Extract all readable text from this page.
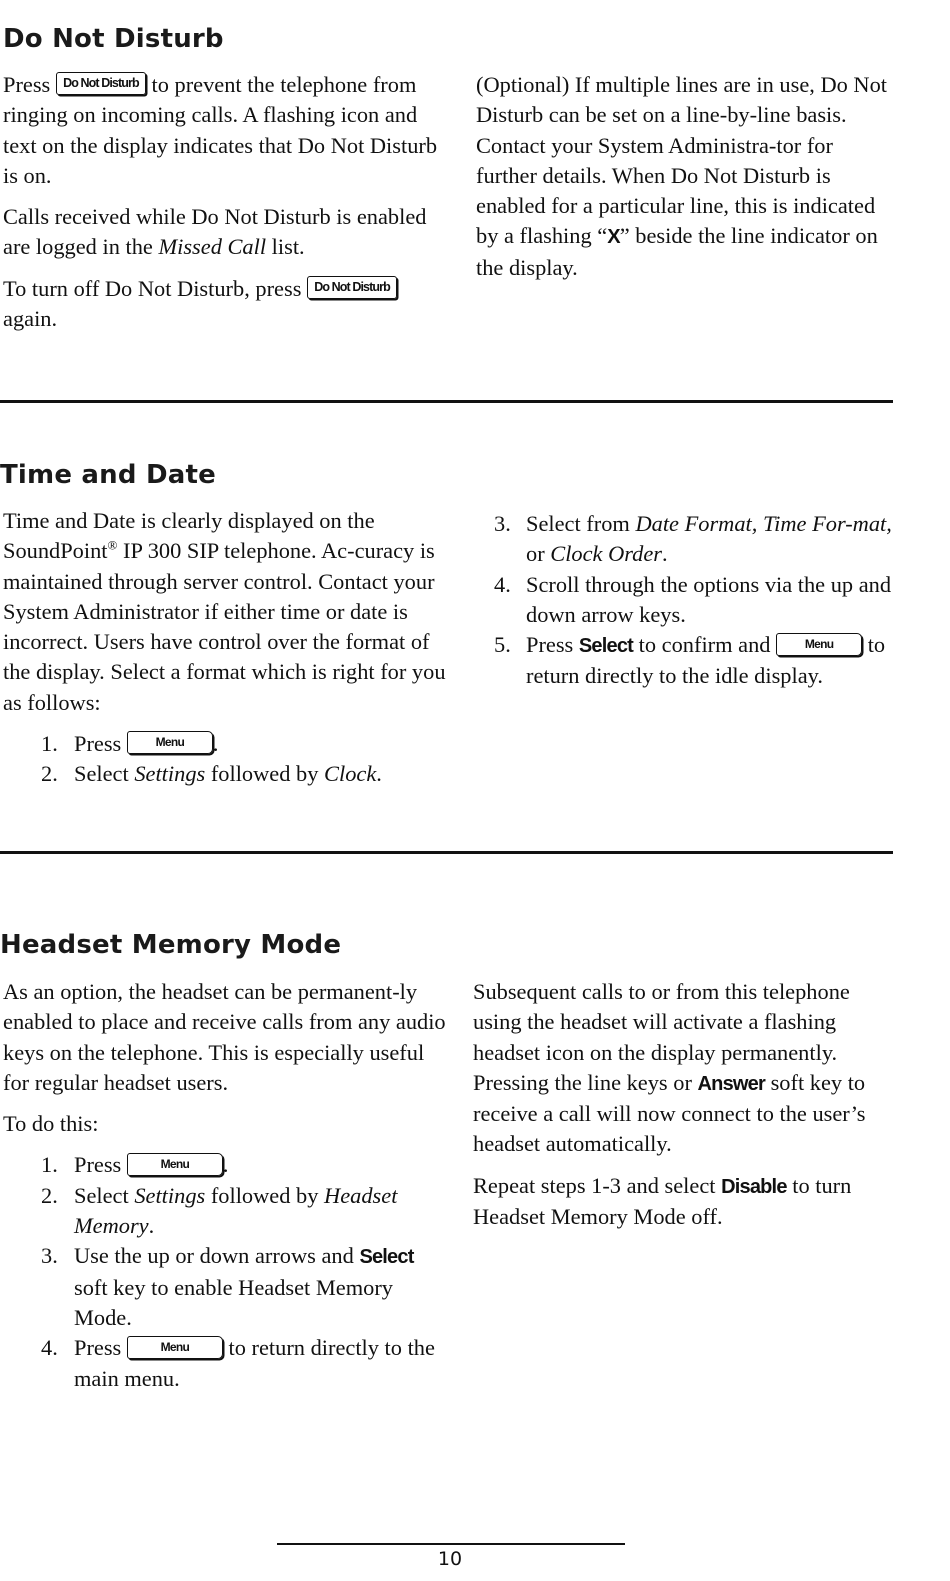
Do Not Disturb

Press Do Not Disturb to prevent the telephone from ringing on incoming calls. A flashing icon and text on the display indicates that Do Not Disturb is on.

Calls received while Do Not Disturb is enabled are logged in the Missed Call list.

To turn off Do Not Disturb, press Do Not Disturb again.

(Optional) If multiple lines are in use, Do Not Disturb can be set on a line-by-line basis. Contact your System Administra-tor for further details. When Do Not Disturb is enabled for a particular line, this is indicated by a flashing “X” beside the line indicator on the display.

Time and Date

Time and Date is clearly displayed on the SoundPoint® IP 300 SIP telephone. Ac-curacy is maintained through server control. Contact your System Administrator if either time or date is incorrect. Users have control over the format of the display. Select a format which is right for you as follows:

1. Press	Menu .
2. Select Settings followed by Clock.
3. Select from Date Format, Time For-mat, or Clock Order.
4. Scroll through the options via the up and down arrow keys.
5. Press Select to confirm and	Menu to return directly to the idle display.
Headset Memory Mode

As an option, the headset can be permanent-ly enabled to place and receive calls from any audio keys on the telephone. This is especially useful for regular headset users.

To do this:

1. Press	Menu .
2. Select Settings followed by Headset Memory.
3. Use the up or down arrows and Select soft key to enable Headset Memory Mode.
4. Press	Menu to return directly to the main menu.

Subsequent calls to or from this telephone using the headset will activate a flashing headset icon on the display permanently. Pressing the line keys or Answer soft key to receive a call will now connect to the user’s headset automatically.

Repeat steps 1-3 and select Disable to turn Headset Memory Mode off.

10
